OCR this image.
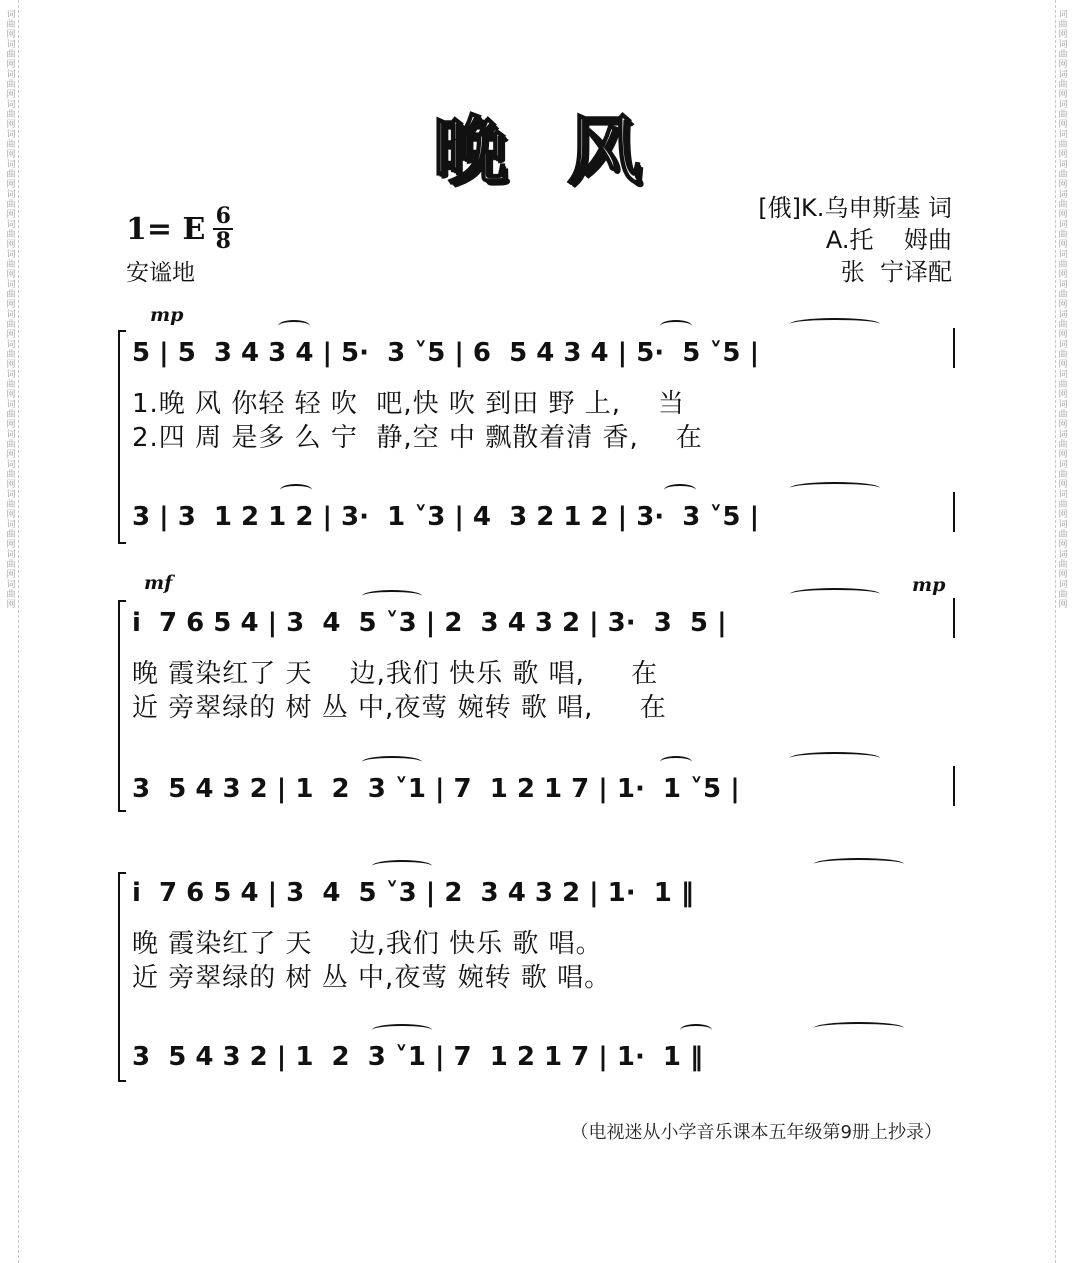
词曲网 词曲网 词曲网 词曲网 词曲网 词曲网 词曲网 词曲网 词曲网 词曲网 词曲网 词曲网 词曲网 词曲网 词曲网 词曲网 词曲网 词曲网 词曲网 词曲网
词曲网 词曲网 词曲网 词曲网 词曲网 词曲网 词曲网 词曲网 词曲网 词曲网 词曲网 词曲网 词曲网 词曲网 词曲网 词曲网 词曲网 词曲网 词曲网 词曲网
晚风
1= E $\frac{6}{8}$
安谧地
[俄]K.乌申斯基 词
A.托    姆曲
张  宁译配
mp
5 | 5  3 4 3 4 | 5·  3 ˅5 | 6  5 4 3 4 | 5·  5 ˅5 |
1.晚 风 你轻 轻 吹  吧,快 吹 到田 野 上,    当
2.四 周 是多 么 宁  静,空 中 飘散着清 香,    在
3 | 3  1 2 1 2 | 3·  1 ˅3 | 4  3 2 1 2 | 3·  3 ˅5 |
mf	mp
i  7 6 5 4 | 3  4  5 ˅3 | 2  3 4 3 2 | 3·  3  5 |
晚 霞染红了 天    边,我们 快乐 歌 唱,     在
近 旁翠绿的 树 丛 中,夜莺 婉转 歌 唱,     在
3  5 4 3 2 | 1  2  3 ˅1 | 7  1 2 1 7 | 1·  1 ˅5 |
i  7 6 5 4 | 3  4  5 ˅3 | 2  3 4 3 2 | 1·  1 ‖
晚 霞染红了 天    边,我们 快乐 歌 唱。
近 旁翠绿的 树 丛 中,夜莺 婉转 歌 唱。
3  5 4 3 2 | 1  2  3 ˅1 | 7  1 2 1 7 | 1·  1 ‖
（电视迷从小学音乐课本五年级第9册上抄录）
